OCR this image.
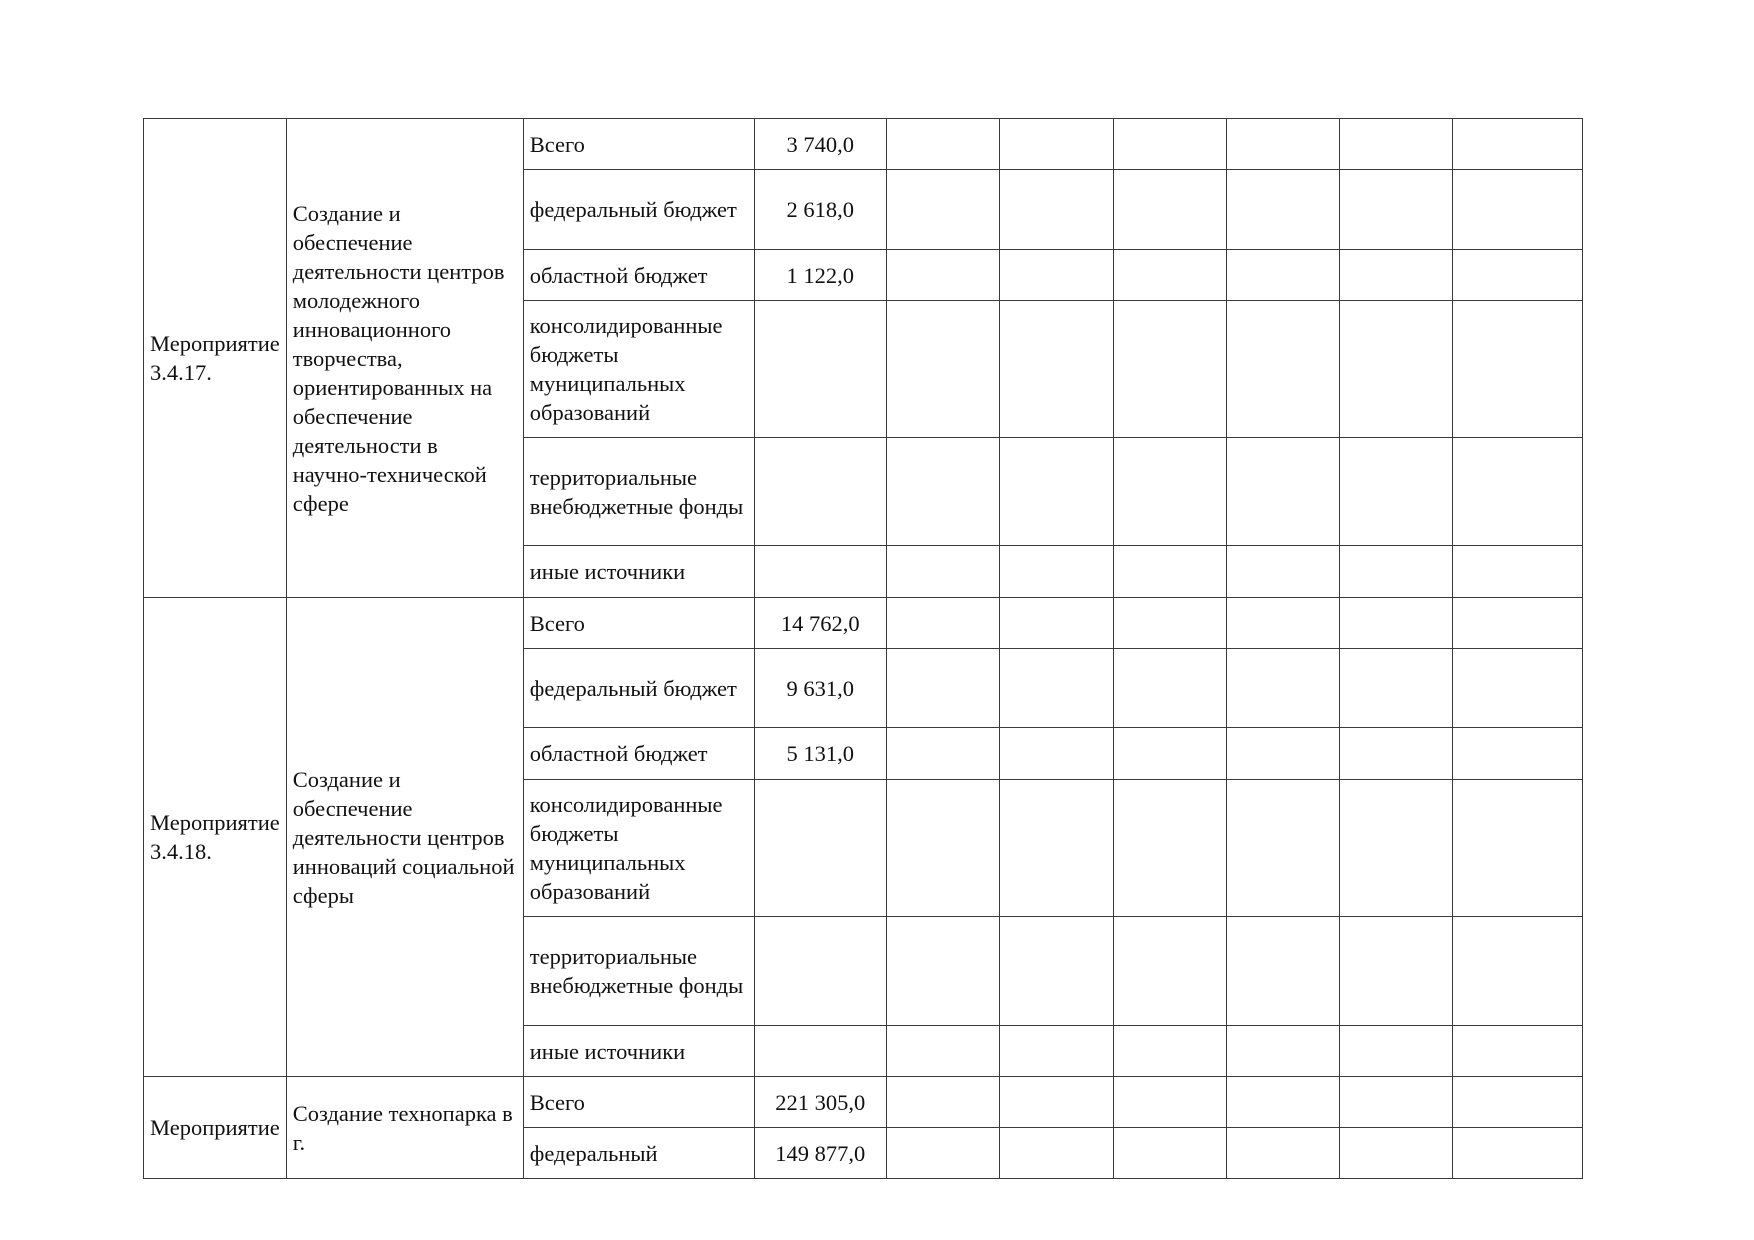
Мероприятие 3.4.17.	Создание и обеспечение деятельности центров молодежного инновационного творчества, ориентированных на обеспечение деятельности в научно-технической сфере	Всего	3 740,0						
		федеральный бюджет	2 618,0						
		областной бюджет	1 122,0						
		консолидированные бюджеты муниципальных образований							
		территориальные внебюджетные фонды							
		иные источники							
Мероприятие 3.4.18.	Создание и обеспечение деятельности центров инноваций социальной сферы	Всего	14 762,0						
		федеральный бюджет	9 631,0						
		областной бюджет	5 131,0						
		консолидированные бюджеты муниципальных образований							
		территориальные внебюджетные фонды							
		иные источники							
Мероприятие	Создание технопарка в г.	Всего	221 305,0						
		федеральный	149 877,0						
